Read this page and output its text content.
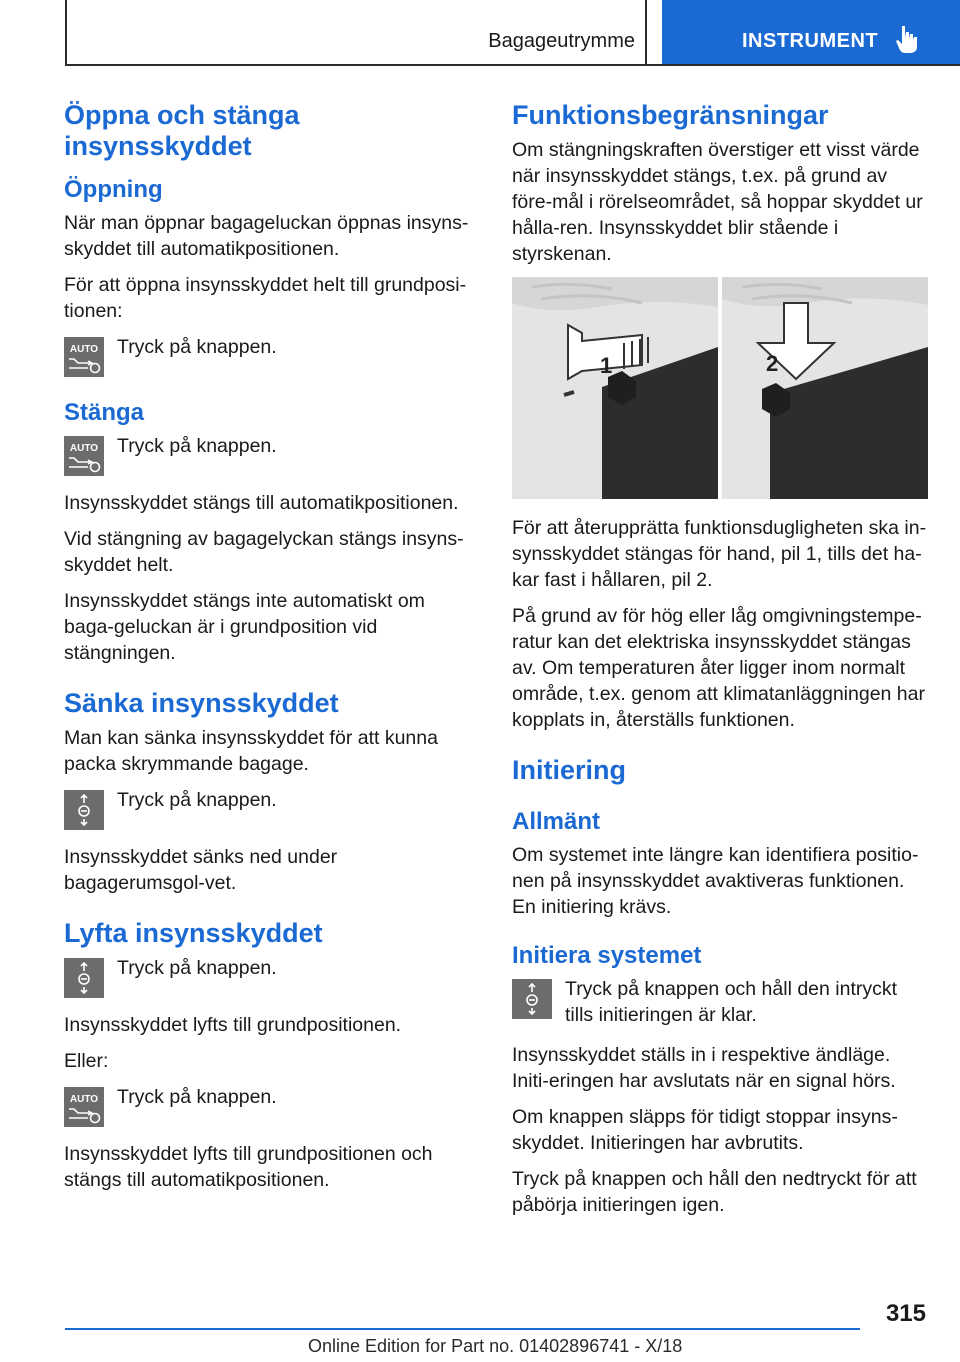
Bagageutrymme	INSTRUMENT
Öppna och stänga insynsskyddet
Öppning

När man öppnar bagageluckan öppnas insyns-skyddet till automatikpositionen.

För att öppna insynsskyddet helt till grundposi-tionen:

AUTO Tryck på knappen.
Stänga
AUTO Tryck på knappen.

Insynsskyddet stängs till automatikpositionen.

Vid stängning av bagagelyckan stängs insyns-skyddet helt.

Insynsskyddet stängs inte automatiskt om baga-geluckan är i grundposition vid stängningen.

Sänka insynsskyddet

Man kan sänka insynsskyddet för att kunna packa skrymmande bagage.

Tryck på knappen.

Insynsskyddet sänks ned under bagagerumsgol-vet.

Lyfta insynsskyddet
Tryck på knappen.

Insynsskyddet lyfts till grundpositionen.

Eller:

AUTO Tryck på knappen.

Insynsskyddet lyfts till grundpositionen och stängs till automatikpositionen.

Funktionsbegränsningar

Om stängningskraften överstiger ett visst värde när insynsskyddet stängs, t.ex. på grund av före-mål i rörelseområdet, så hoppar skyddet ur hålla-ren. Insynsskyddet blir stående i styrskenan.

1	2

För att återupprätta funktionsdugligheten ska in-synsskyddet stängas för hand, pil 1, tills det ha-kar fast i hållaren, pil 2.

På grund av för hög eller låg omgivningstempe-ratur kan det elektriska insynsskyddet stängas av. Om temperaturen åter ligger inom normalt område, t.ex. genom att klimatanläggningen har kopplats in, återställs funktionen.

Initiering
Allmänt

Om systemet inte längre kan identifiera positio-nen på insynsskyddet avaktiveras funktionen. En initiering krävs.

Initiera systemet
Tryck på knappen och håll den intryckt tills initieringen är klar.

Insynsskyddet ställs in i respektive ändläge. Initi-eringen har avslutats när en signal hörs.

Om knappen släpps för tidigt stoppar insyns-skyddet. Initieringen har avbrutits.

Tryck på knappen och håll den nedtryckt för att påbörja initieringen igen.

315
Online Edition for Part no. 01402896741 - X/18
